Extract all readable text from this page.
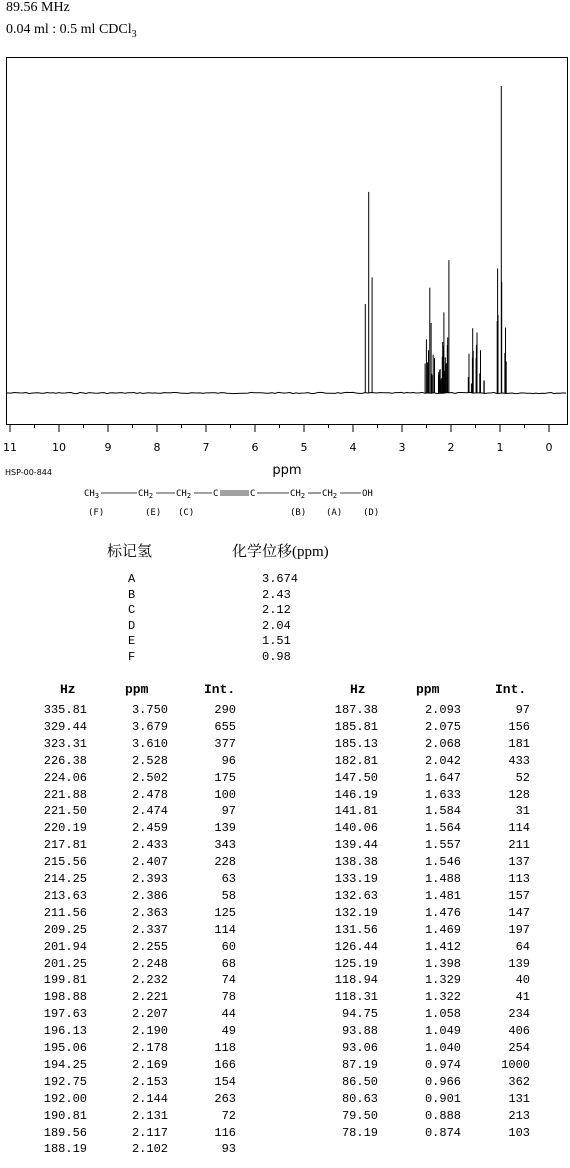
89.56 MHz
0.04 ml : 0.5 ml CDCl$_3$
11	10	9	8	7	6	5	4	3	2	1	0
ppm
HSP-00-844
$CH_3$	$CH_2$	$CH_2$ C	C	$CH_2$ $CH_2$	OH
(F)	(E) (C)	(B) (A) (D)
标记氢	化学位移(ppm)
A	3.674
B	2.43
C	2.12
D	2.04
E	1.51
F	0.98
Hz	ppm	Int.	Hz	ppm	Int.
335.81	3.750	290
329.44	3.679	655
323.31	3.610	377
226.38	2.528	96
224.06	2.502	175
221.88	2.478	100
221.50	2.474	97
220.19	2.459	139
217.81	2.433	343
215.56	2.407	228
214.25	2.393	63
213.63	2.386	58
211.56	2.363	125
209.25	2.337	114
201.94	2.255	60
201.25	2.248	68
199.81	2.232	74
198.88	2.221	78
197.63	2.207	44
196.13	2.190	49
195.06	2.178	118
194.25	2.169	166
192.75	2.153	154
192.00	2.144	263
190.81	2.131	72
189.56	2.117	116
188.19	2.102	93
187.38	2.093	97
185.81	2.075	156
185.13	2.068	181
182.81	2.042	433
147.50	1.647	52
146.19	1.633	128
141.81	1.584	31
140.06	1.564	114
139.44	1.557	211
138.38	1.546	137
133.19	1.488	113
132.63	1.481	157
132.19	1.476	147
131.56	1.469	197
126.44	1.412	64
125.19	1.398	139
118.94	1.329	40
118.31	1.322	41
94.75	1.058	234
93.88	1.049	406
93.06	1.040	254
87.19	0.974	1000
86.50	0.966	362
80.63	0.901	131
79.50	0.888	213
78.19	0.874	103
